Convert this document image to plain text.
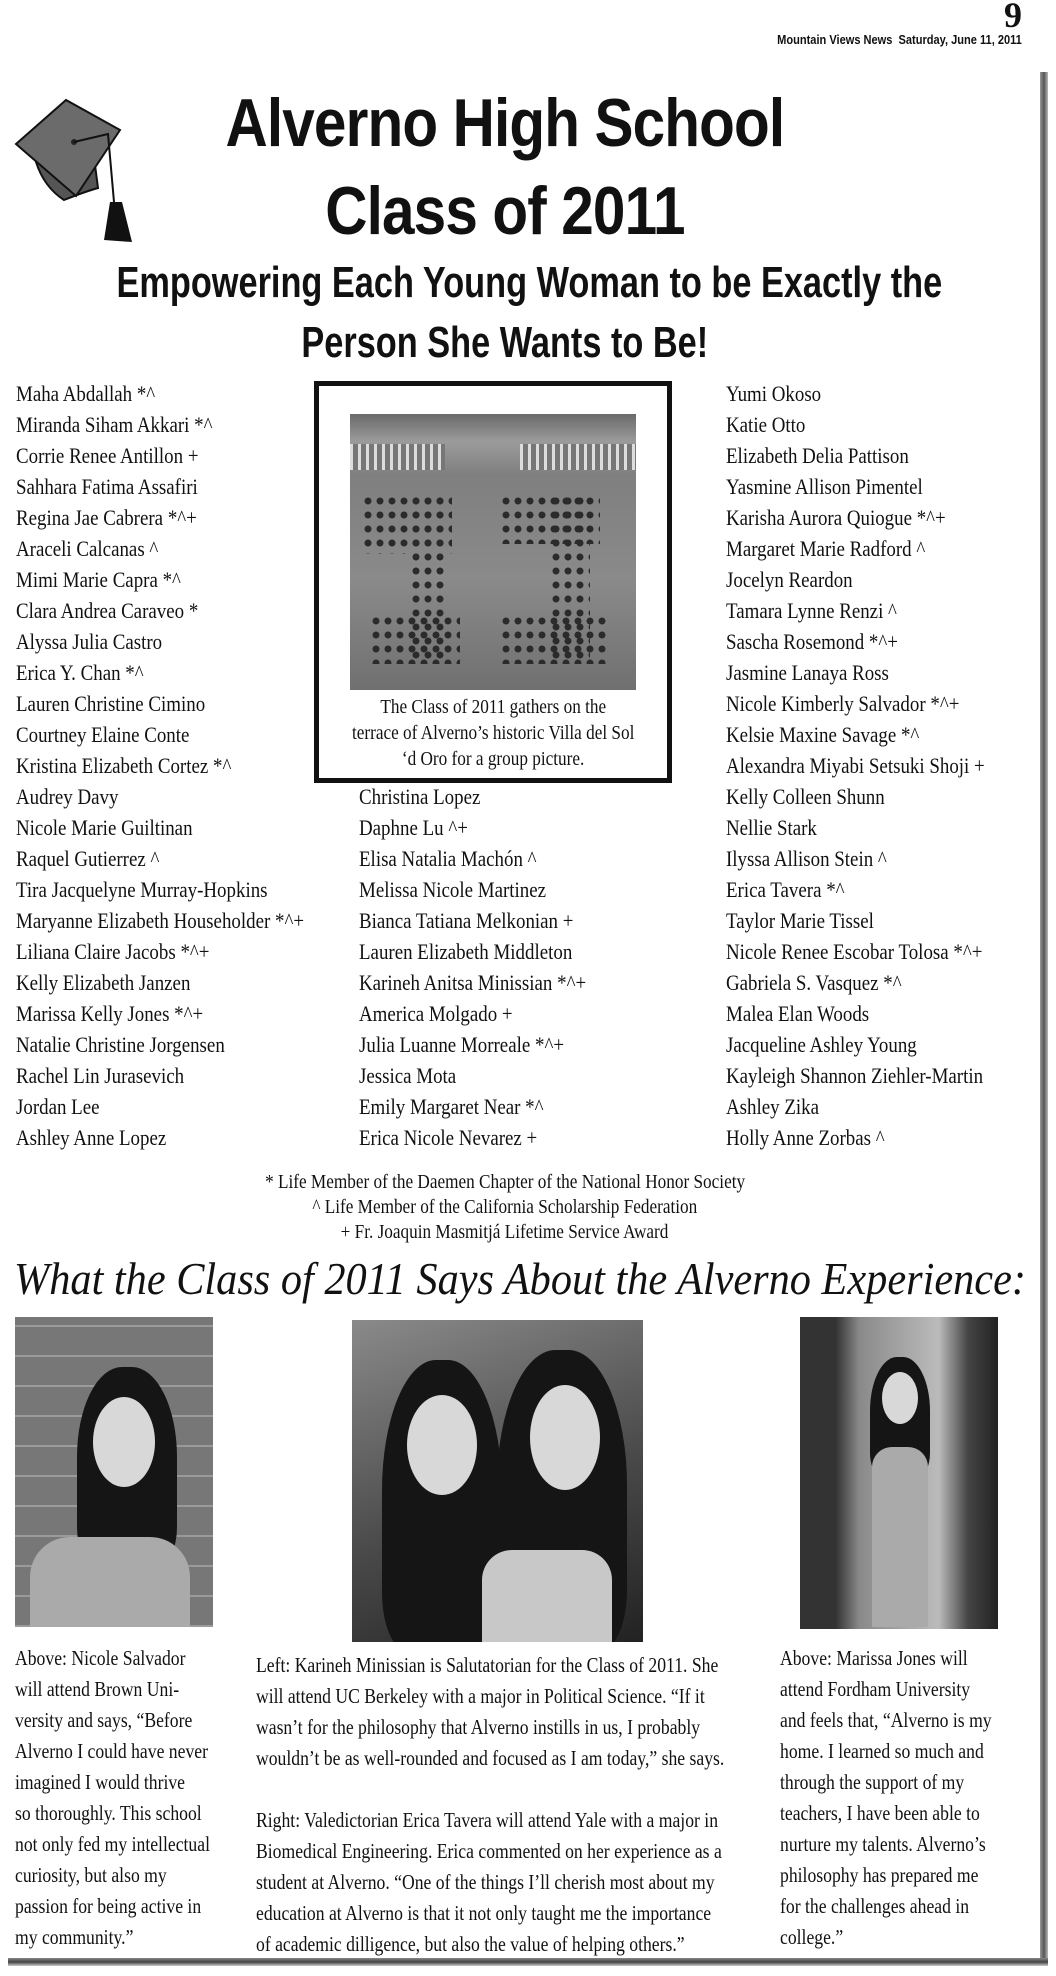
9
Mountain Views News  Saturday, June 11, 2011
Alverno High School
Class of 2011
Empowering Each Young Woman to be Exactly the
Person She Wants to Be!
Maha Abdallah *^
Miranda Siham Akkari *^
Corrie Renee Antillon +
Sahhara Fatima Assafiri
Regina Jae Cabrera *^+
Araceli Calcanas ^
Mimi Marie Capra *^
Clara Andrea Caraveo *
Alyssa Julia Castro
Erica Y. Chan *^
Lauren Christine Cimino
Courtney Elaine Conte
Kristina Elizabeth Cortez *^
Audrey Davy
Nicole Marie Guiltinan
Raquel Gutierrez ^
Tira Jacquelyne Murray-Hopkins
Maryanne Elizabeth Householder *^+
Liliana Claire Jacobs *^+
Kelly Elizabeth Janzen
Marissa Kelly Jones *^+
Natalie Christine Jorgensen
Rachel Lin Jurasevich
Jordan Lee
Ashley Anne Lopez
Christina Lopez
Daphne Lu ^+
Elisa Natalia Machón ^
Melissa Nicole Martinez
Bianca Tatiana Melkonian +
Lauren Elizabeth Middleton
Karineh Anitsa Minissian *^+
America Molgado +
Julia Luanne Morreale *^+
Jessica Mota
Emily Margaret Near *^
Erica Nicole Nevarez +
Yumi Okoso
Katie Otto
Elizabeth Delia Pattison
Yasmine Allison Pimentel
Karisha Aurora Quiogue *^+
Margaret Marie Radford ^
Jocelyn Reardon
Tamara Lynne Renzi ^
Sascha Rosemond *^+
Jasmine Lanaya Ross
Nicole Kimberly Salvador *^+
Kelsie Maxine Savage *^
Alexandra Miyabi Setsuki Shoji +
Kelly Colleen Shunn
Nellie Stark
Ilyssa Allison Stein ^
Erica Tavera *^
Taylor Marie Tissel
Nicole Renee Escobar Tolosa *^+
Gabriela S. Vasquez *^
Malea Elan Woods
Jacqueline Ashley Young
Kayleigh Shannon Ziehler-Martin
Ashley Zika
Holly Anne Zorbas ^
The Class of 2011 gathers on the
terrace of Alverno’s historic Villa del Sol
‘d Oro for a group picture.
* Life Member of the Daemen Chapter of the National Honor Society
^ Life Member of the California Scholarship Federation
+ Fr. Joaquin Masmitjá Lifetime Service Award
What the Class of 2011 Says About the Alverno Experience:
Above: Nicole Salvador
will attend Brown Uni-
versity and says, “Before
Alverno I could have never
imagined I would thrive
so thoroughly. This school
not only fed my intellectual
curiosity, but also my
passion for being active in
my community.”
Left: Karineh Minissian is Salutatorian for the Class of 2011. She
will attend UC Berkeley with a major in Political Science. “If it
wasn’t for the philosophy that Alverno instills in us, I probably
wouldn’t be as well-rounded and focused as I am today,” she says.
Right: Valedictorian Erica Tavera will attend Yale with a major in
Biomedical Engineering. Erica commented on her experience as a
student at Alverno. “One of the things I’ll cherish most about my
education at Alverno is that it not only taught me the importance
of academic dilligence, but also the value of helping others.”
Above: Marissa Jones will
attend Fordham University
and feels that, “Alverno is my
home. I learned so much and
through the support of my
teachers, I have been able to
nurture my talents. Alverno’s
philosophy has prepared me
for the challenges ahead in
college.”
